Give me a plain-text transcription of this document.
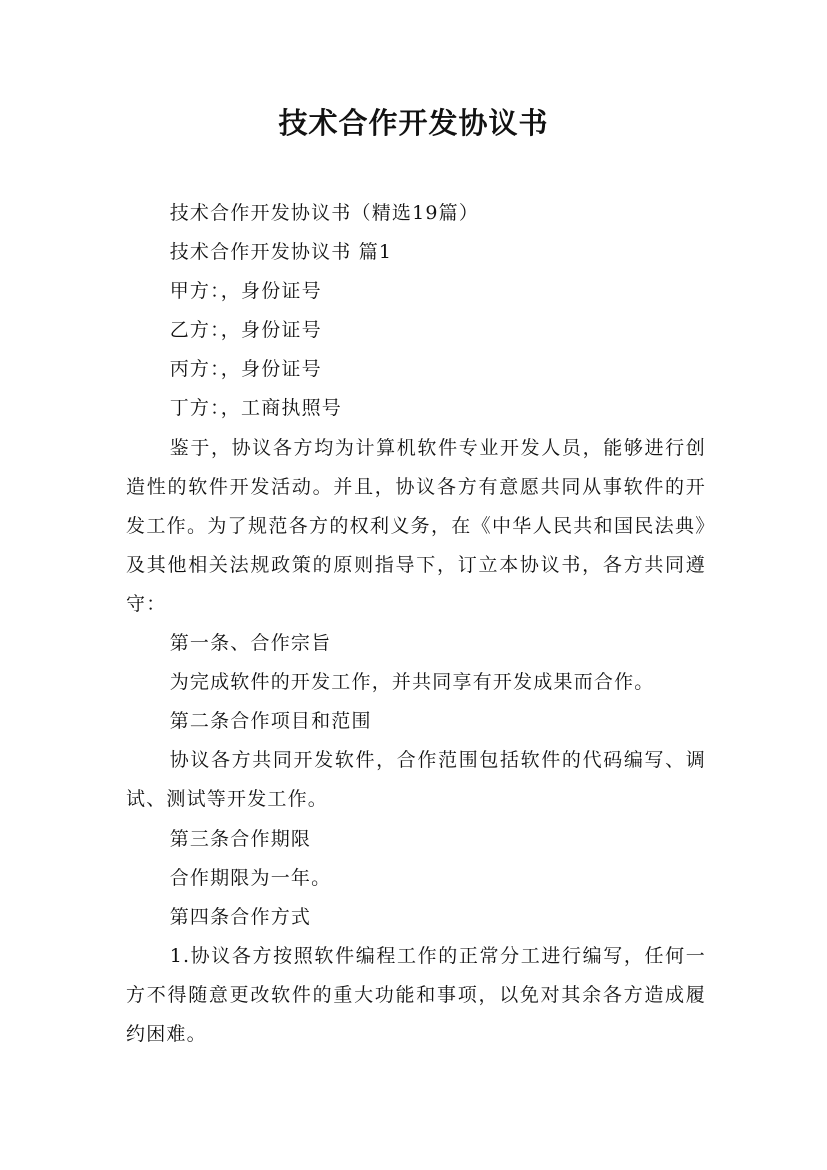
技术合作开发协议书

技术合作开发协议书（精选19篇）

技术合作开发协议书 篇1

甲方：，身份证号

乙方：，身份证号

丙方：，身份证号

丁方：，工商执照号

鉴于，协议各方均为计算机软件专业开发人员，能够进行创造性的软件开发活动。并且，协议各方有意愿共同从事软件的开发工作。为了规范各方的权利义务，在《中华人民共和国民法典》及其他相关法规政策的原则指导下，订立本协议书，各方共同遵守：

第一条、合作宗旨

为完成软件的开发工作，并共同享有开发成果而合作。

第二条合作项目和范围

协议各方共同开发软件，合作范围包括软件的代码编写、调试、测试等开发工作。

第三条合作期限

合作期限为一年。

第四条合作方式

1.协议各方按照软件编程工作的正常分工进行编写，任何一方不得随意更改软件的重大功能和事项，以免对其余各方造成履约困难。
